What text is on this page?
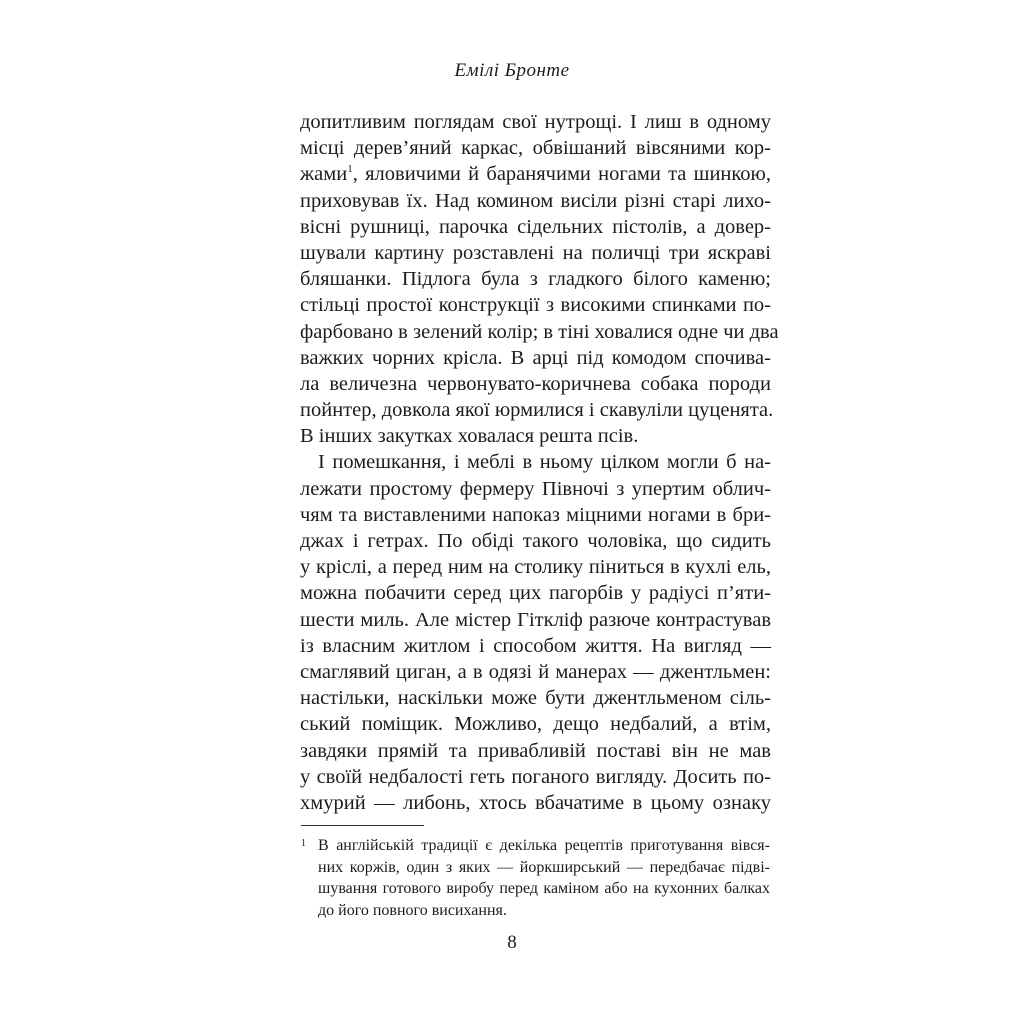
Емілі Бронте
допитливим поглядам свої нутрощі. І лиш в одному
місці дерев’яний каркас, обвішаний вівсяними кор-
жами$^1$, яловичими й баранячими ногами та шинкою,
приховував їх. Над комином висіли різні старі лихо-
вісні рушниці, парочка сідельних пістолів, а довер-
шували картину розставлені на поличці три яскраві
бляшанки. Підлога була з гладкого білого каменю;
стільці простої конструкції з високими спинками по-
фарбовано в зелений колір; в тіні ховалися одне чи два
важких чорних крісла. В арці під комодом спочива-
ла величезна червонувато-коричнева собака породи
пойнтер, довкола якої юрмилися і скавуліли цуценята.
В інших закутках ховалася решта псів.
І помешкання, і меблі в ньому цілком могли б на-
лежати простому фермеру Півночі з упертим облич-
чям та виставленими напоказ міцними ногами в бри-
джах і гетрах. По обіді такого чоловіка, що сидить
у кріслі, а перед ним на столику піниться в кухлі ель,
можна побачити серед цих пагорбів у радіусі п’яти-
шести миль. Але містер Гіткліф разюче контрастував
із власним житлом і способом життя. На вигляд —
смаглявий циган, а в одязі й манерах — джентльмен:
настільки, наскільки може бути джентльменом сіль-
ський поміщик. Можливо, дещо недбалий, а втім,
завдяки прямій та привабливій поставі він не мав
у своїй недбалості геть поганого вигляду. Досить по-
хмурий — либонь, хтось вбачатиме в цьому ознаку
1 В англійській традиції є декілька рецептів приготування вівся-
них коржів, один з яких — йоркширський — передбачає підві-
шування готового виробу перед каміном або на кухонних балках
до його повного висихання.
8
